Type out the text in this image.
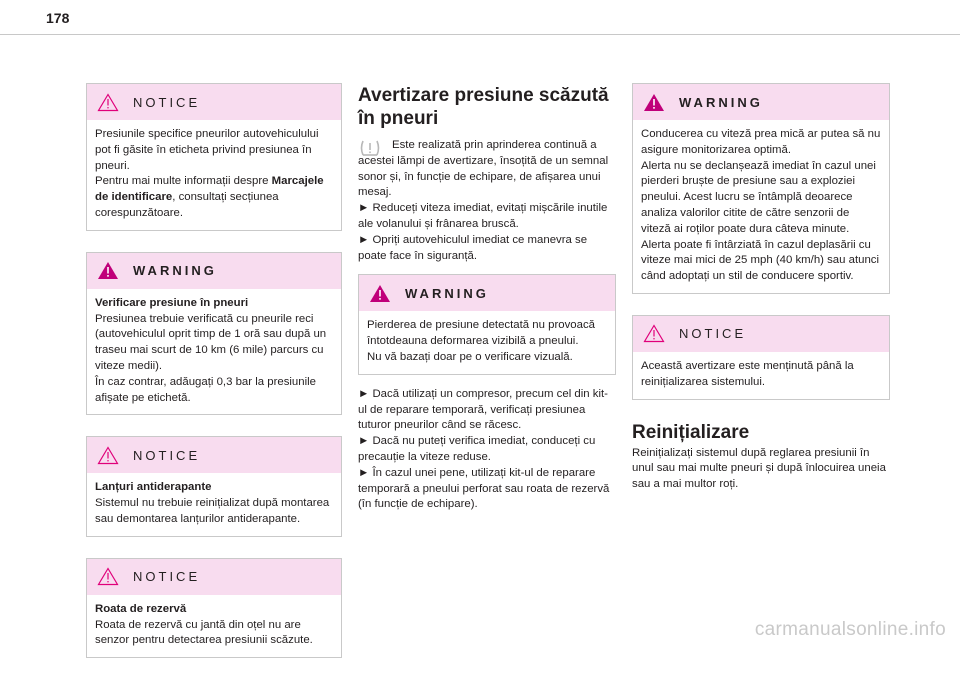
178
NOTICE

Presiunile specifice pneurilor autovehiculului pot fi găsite în eticheta privind presiunea în pneuri.

Pentru mai multe informații despre Marcajele de identificare, consultați secțiunea corespunzătoare.

WARNING

Verificare presiune în pneuri

Presiunea trebuie verificată cu pneurile reci (autovehiculul oprit timp de 1 oră sau după un traseu mai scurt de 10 km (6 mile) parcurs cu viteze medii).

În caz contrar, adăugați 0,3 bar la presiunile afișate pe etichetă.

NOTICE

Lanțuri antiderapante

Sistemul nu trebuie reinițializat după montarea sau demontarea lanțurilor antiderapante.

NOTICE

Roata de rezervă

Roata de rezervă cu jantă din oțel nu are senzor pentru detectarea presiunii scăzute.

Avertizare presiune scăzută în pneuri

Este realizată prin aprinderea continuă a acestei lămpi de avertizare, însoțită de un semnal sonor și, în funcție de echipare, de afișarea unui mesaj.

► Reduceți viteza imediat, evitați mișcările inutile ale volanului și frânarea bruscă.

► Opriți autovehiculul imediat ce manevra se poate face în siguranță.

WARNING

Pierderea de presiune detectată nu provoacă întotdeauna deformarea vizibilă a pneului.

Nu vă bazați doar pe o verificare vizuală.

► Dacă utilizați un compresor, precum cel din kit-ul de reparare temporară, verificați presiunea tuturor pneurilor când se răcesc.

► Dacă nu puteți verifica imediat, conduceți cu precauție la viteze reduse.

► În cazul unei pene, utilizați kit-ul de reparare temporară a pneului perforat sau roata de rezervă (în funcție de echipare).

WARNING

Conducerea cu viteză prea mică ar putea să nu asigure monitorizarea optimă.

Alerta nu se declanșează imediat în cazul unei pierderi bruște de presiune sau a exploziei pneului. Acest lucru se întâmplă deoarece analiza valorilor citite de către senzorii de viteză ai roților poate dura câteva minute.

Alerta poate fi întârziată în cazul deplasării cu viteze mai mici de 25 mph (40 km/h) sau atunci când adoptați un stil de conducere sportiv.

NOTICE

Această avertizare este menținută până la reinițializarea sistemului.

Reinițializare

Reinițializați sistemul după reglarea presiunii în unul sau mai multe pneuri și după înlocuirea uneia sau a mai multor roți.

carmanualsonline.info
